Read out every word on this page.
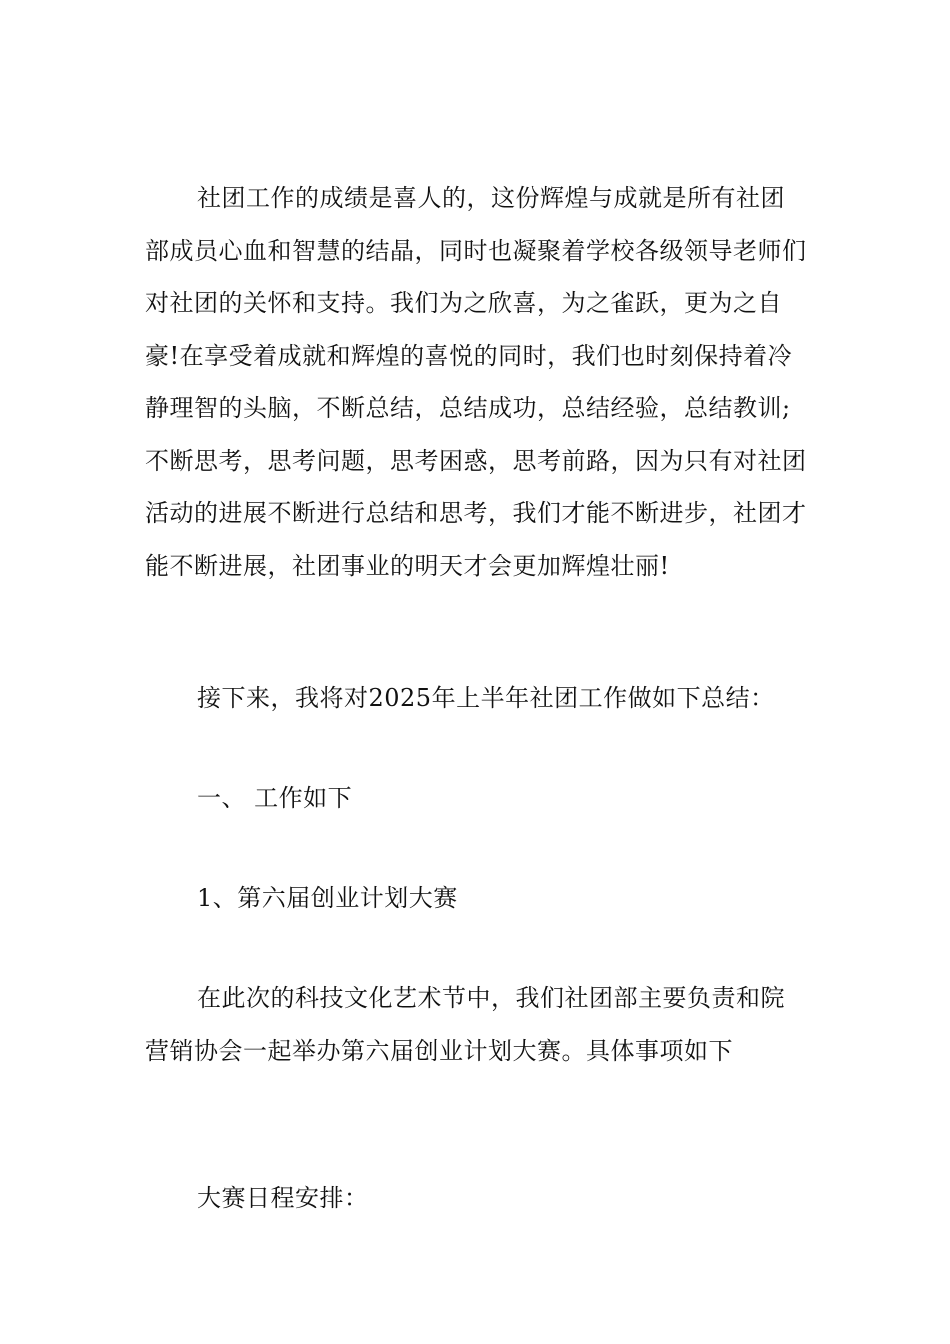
社团工作的成绩是喜人的，这份辉煌与成就是所有社团部成员心血和智慧的结晶，同时也凝聚着学校各级领导老师们对社团的关怀和支持。我们为之欣喜，为之雀跃，更为之自豪!在享受着成就和辉煌的喜悦的同时，我们也时刻保持着冷静理智的头脑，不断总结，总结成功，总结经验，总结教训;不断思考，思考问题，思考困惑，思考前路，因为只有对社团活动的进展不断进行总结和思考，我们才能不断进步，社团才能不断进展，社团事业的明天才会更加辉煌壮丽!

接下来，我将对2025年上半年社团工作做如下总结：

一、 工作如下

1、第六届创业计划大赛

在此次的科技文化艺术节中，我们社团部主要负责和院营销协会一起举办第六届创业计划大赛。具体事项如下

大赛日程安排：
